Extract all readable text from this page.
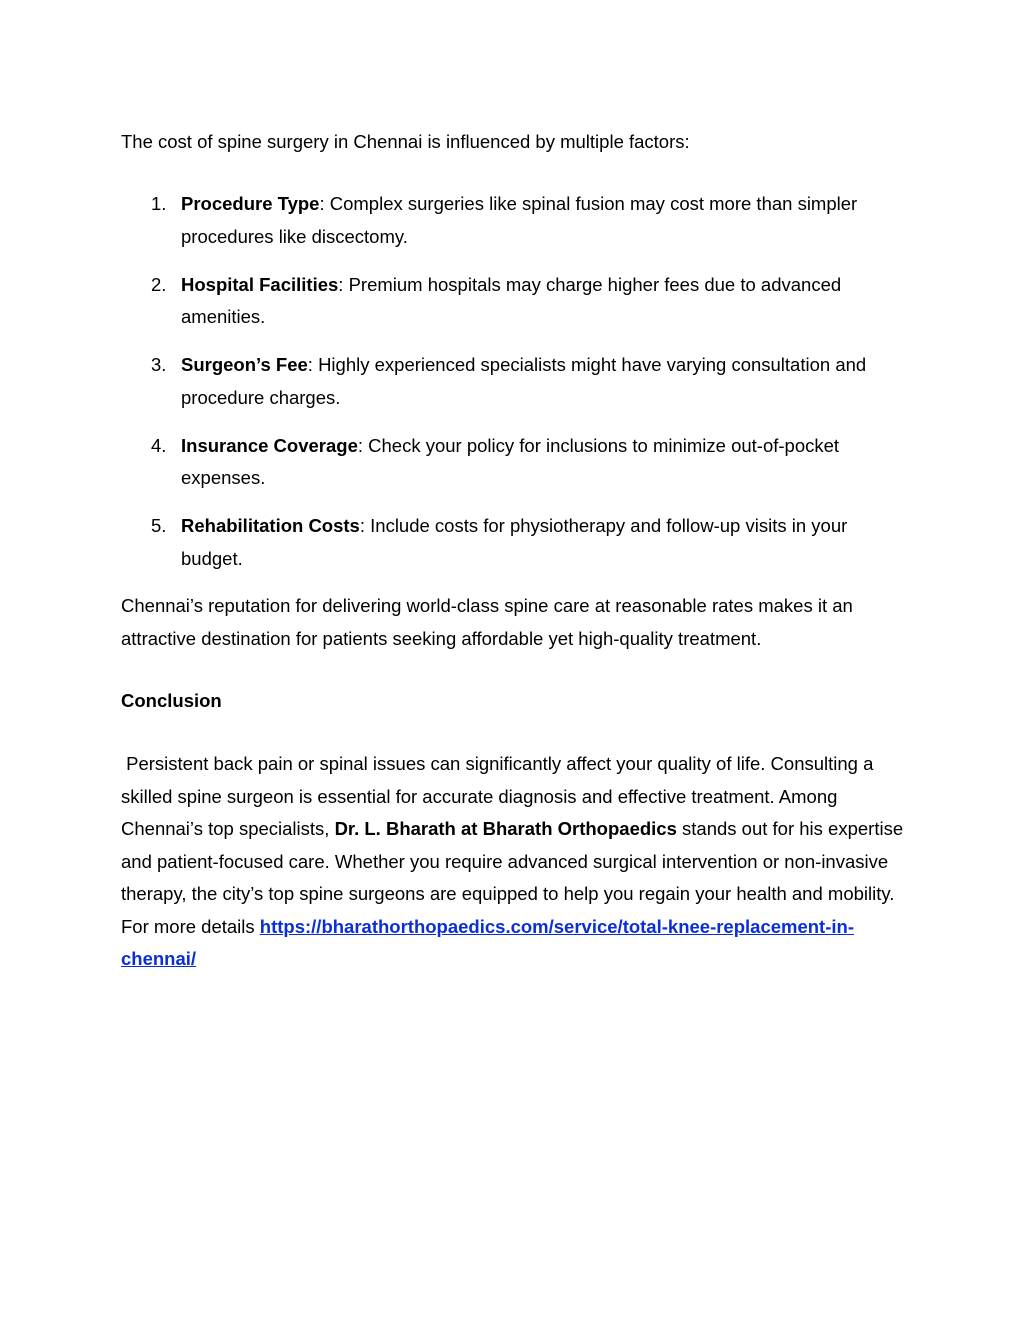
The cost of spine surgery in Chennai is influenced by multiple factors:

1. Procedure Type: Complex surgeries like spinal fusion may cost more than simpler procedures like discectomy.
2. Hospital Facilities: Premium hospitals may charge higher fees due to advanced amenities.
3. Surgeon’s Fee: Highly experienced specialists might have varying consultation and procedure charges.
4. Insurance Coverage: Check your policy for inclusions to minimize out-of-pocket expenses.
5. Rehabilitation Costs: Include costs for physiotherapy and follow-up visits in your budget.

Chennai’s reputation for delivering world-class spine care at reasonable rates makes it an attractive destination for patients seeking affordable yet high-quality treatment.

Conclusion

Persistent back pain or spinal issues can significantly affect your quality of life. Consulting a skilled spine surgeon is essential for accurate diagnosis and effective treatment. Among Chennai’s top specialists, Dr. L. Bharath at Bharath Orthopaedics stands out for his expertise and patient-focused care. Whether you require advanced surgical intervention or non-invasive therapy, the city’s top spine surgeons are equipped to help you regain your health and mobility. For more details https://bharathorthopaedics.com/service/total-knee-replacement-in-chennai/
